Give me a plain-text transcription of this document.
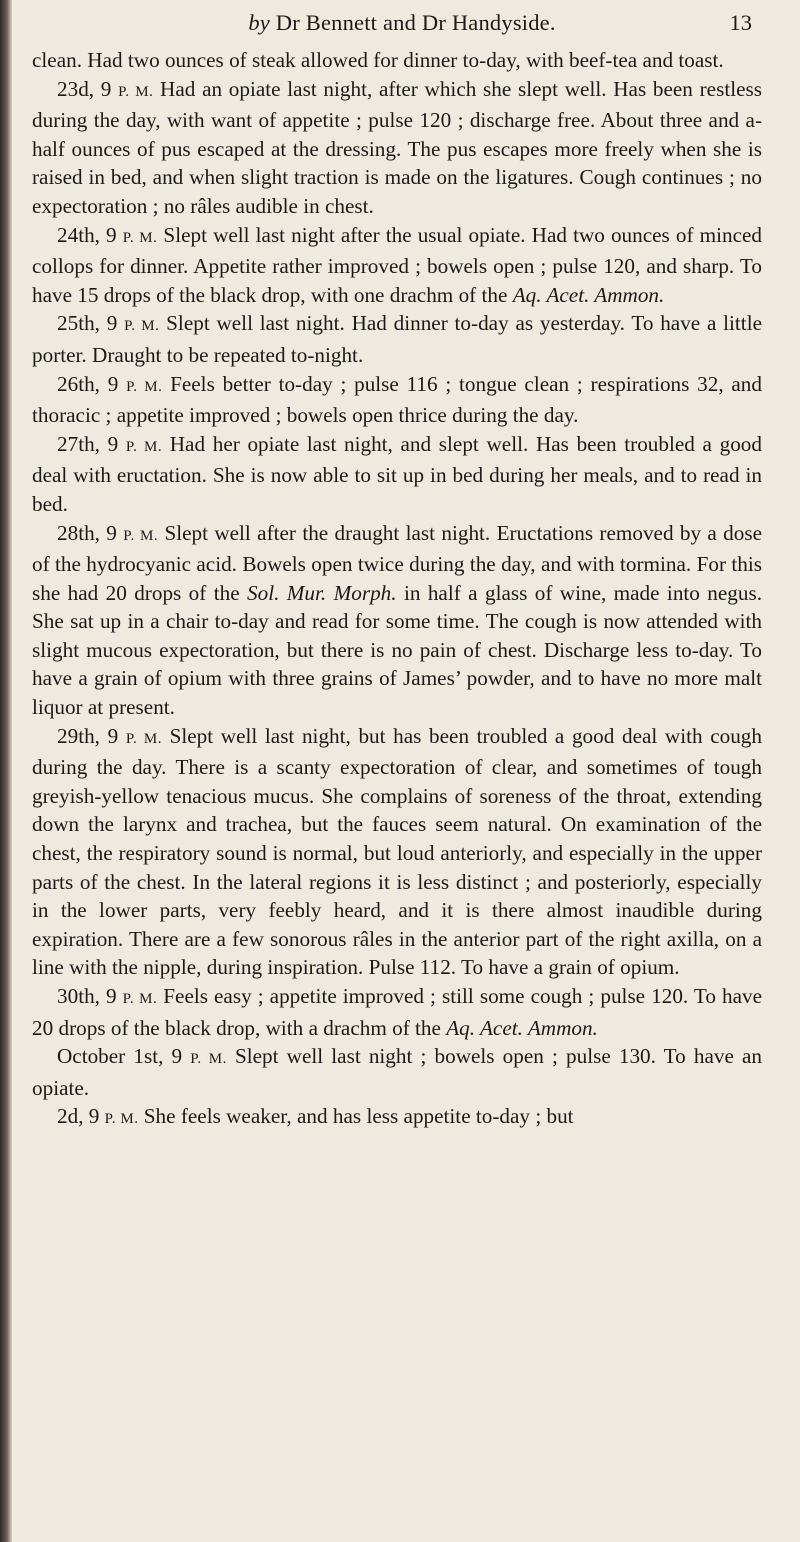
by Dr Bennett and Dr Handyside.	13

clean. Had two ounces of steak allowed for dinner to-day, with beef-tea and toast.

23d, 9 P. M. Had an opiate last night, after which she slept well. Has been restless during the day, with want of appetite ; pulse 120 ; discharge free. About three and a-half ounces of pus escaped at the dressing. The pus escapes more freely when she is raised in bed, and when slight traction is made on the ligatures. Cough continues ; no expectoration ; no râles audible in chest.

24th, 9 P. M. Slept well last night after the usual opiate. Had two ounces of minced collops for dinner. Appetite rather improved ; bowels open ; pulse 120, and sharp. To have 15 drops of the black drop, with one drachm of the Aq. Acet. Ammon.

25th, 9 P. M. Slept well last night. Had dinner to-day as yesterday. To have a little porter. Draught to be repeated to-night.

26th, 9 P. M. Feels better to-day ; pulse 116 ; tongue clean ; respirations 32, and thoracic ; appetite improved ; bowels open thrice during the day.

27th, 9 P. M. Had her opiate last night, and slept well. Has been troubled a good deal with eructation. She is now able to sit up in bed during her meals, and to read in bed.

28th, 9 P. M. Slept well after the draught last night. Eructations removed by a dose of the hydrocyanic acid. Bowels open twice during the day, and with tormina. For this she had 20 drops of the Sol. Mur. Morph. in half a glass of wine, made into negus. She sat up in a chair to-day and read for some time. The cough is now attended with slight mucous expectoration, but there is no pain of chest. Discharge less to-day. To have a grain of opium with three grains of James’ powder, and to have no more malt liquor at present.

29th, 9 P. M. Slept well last night, but has been troubled a good deal with cough during the day. There is a scanty expectoration of clear, and sometimes of tough greyish-yellow tenacious mucus. She complains of soreness of the throat, extending down the larynx and trachea, but the fauces seem natural. On examination of the chest, the respiratory sound is normal, but loud anteriorly, and especially in the upper parts of the chest. In the lateral regions it is less distinct ; and posteriorly, especially in the lower parts, very feebly heard, and it is there almost inaudible during expiration. There are a few sonorous râles in the anterior part of the right axilla, on a line with the nipple, during inspiration. Pulse 112. To have a grain of opium.

30th, 9 P. M. Feels easy ; appetite improved ; still some cough ; pulse 120. To have 20 drops of the black drop, with a drachm of the Aq. Acet. Ammon.

October 1st, 9 P. M. Slept well last night ; bowels open ; pulse 130. To have an opiate.

2d, 9 P. M. She feels weaker, and has less appetite to-day ; but
